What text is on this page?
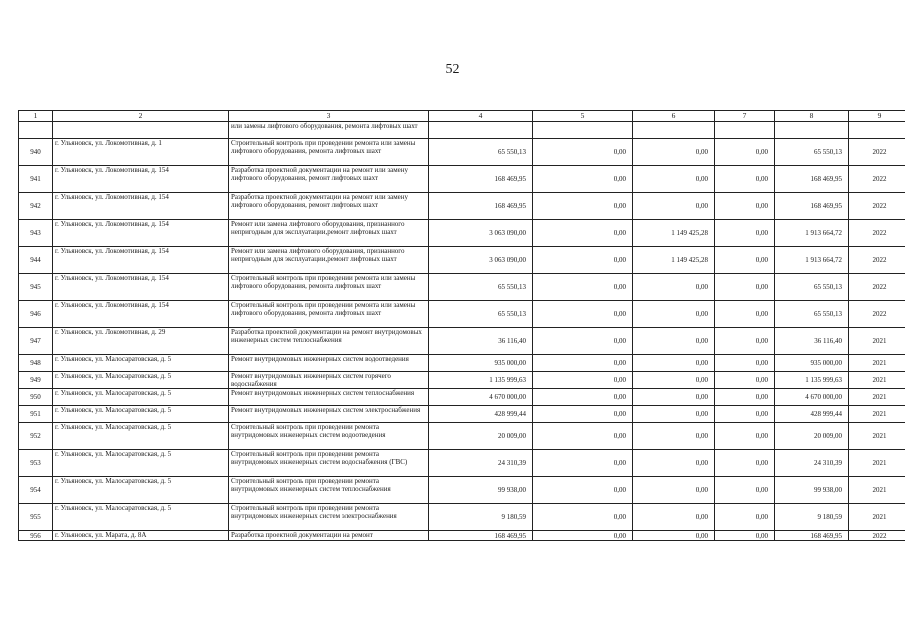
52
1	2	3	4	5	6	7	8	9
		или замены лифтового оборудования, ремонта лифтовых шахт						
940	г. Ульяновск, ул. Локомотивная, д. 1	Строительный контроль при проведении ремонта или замены лифтового оборудования, ремонта лифтовых шахт	65 550,13	0,00	0,00	0,00	65 550,13	2022
941	г. Ульяновск, ул. Локомотивная, д. 154	Разработка проектной документации на ремонт или замену лифтового оборудования, ремонт лифтовых шахт	168 469,95	0,00	0,00	0,00	168 469,95	2022
942	г. Ульяновск, ул. Локомотивная, д. 154	Разработка проектной документации на ремонт или замену лифтового оборудования, ремонт лифтовых шахт	168 469,95	0,00	0,00	0,00	168 469,95	2022
943	г. Ульяновск, ул. Локомотивная, д. 154	Ремонт или замена лифтового оборудования, признанного непригодным для эксплуатации,ремонт лифтовых шахт	3 063 090,00	0,00	1 149 425,28	0,00	1 913 664,72	2022
944	г. Ульяновск, ул. Локомотивная, д. 154	Ремонт или замена лифтового оборудования, признанного непригодным для эксплуатации,ремонт лифтовых шахт	3 063 090,00	0,00	1 149 425,28	0,00	1 913 664,72	2022
945	г. Ульяновск, ул. Локомотивная, д. 154	Строительный контроль при проведении ремонта или замены лифтового оборудования, ремонта лифтовых шахт	65 550,13	0,00	0,00	0,00	65 550,13	2022
946	г. Ульяновск, ул. Локомотивная, д. 154	Строительный контроль при проведении ремонта или замены лифтового оборудования, ремонта лифтовых шахт	65 550,13	0,00	0,00	0,00	65 550,13	2022
947	г. Ульяновск, ул. Локомотивная, д. 29	Разработка проектной документации на ремонт внутридомовых инженерных систем теплоснабжения	36 116,40	0,00	0,00	0,00	36 116,40	2021
948	г. Ульяновск, ул. Малосаратовская, д. 5	Ремонт внутридомовых инженерных систем водоотведения	935 000,00	0,00	0,00	0,00	935 000,00	2021
949	г. Ульяновск, ул. Малосаратовская, д. 5	Ремонт внутридомовых инженерных систем горячего водоснабжения	1 135 999,63	0,00	0,00	0,00	1 135 999,63	2021
950	г. Ульяновск, ул. Малосаратовская, д. 5	Ремонт внутридомовых инженерных систем теплоснабжения	4 670 000,00	0,00	0,00	0,00	4 670 000,00	2021
951	г. Ульяновск, ул. Малосаратовская, д. 5	Ремонт внутридомовых инженерных систем электроснабжения	428 999,44	0,00	0,00	0,00	428 999,44	2021
952	г. Ульяновск, ул. Малосаратовская, д. 5	Строительный контроль при проведении ремонта внутридомовых инженерных систем водоотведения	20 009,00	0,00	0,00	0,00	20 009,00	2021
953	г. Ульяновск, ул. Малосаратовская, д. 5	Строительный контроль при проведении ремонта внутридомовых инженерных систем водоснабжения (ГВС)	24 310,39	0,00	0,00	0,00	24 310,39	2021
954	г. Ульяновск, ул. Малосаратовская, д. 5	Строительный контроль при проведении ремонта внутридомовых инженерных систем теплоснабжения	99 938,00	0,00	0,00	0,00	99 938,00	2021
955	г. Ульяновск, ул. Малосаратовская, д. 5	Строительный контроль при проведении ремонта внутридомовых инженерных систем электроснабжения	9 180,59	0,00	0,00	0,00	9 180,59	2021
956	г. Ульяновск, ул. Марата, д. 8А	Разработка проектной документации на ремонт	168 469,95	0,00	0,00	0,00	168 469,95	2022
